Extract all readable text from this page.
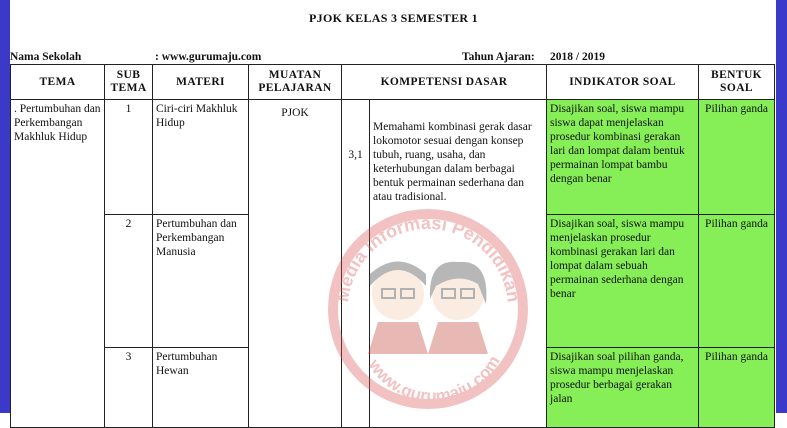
PJOK KELAS 3 SEMESTER 1
Nama Sekolah	: www.gurumaju.com	Tahun Ajaran: 2018 / 2019
TEMA	SUB TEMA	MATERI	MUATAN PELAJARAN	KOMPETENSI DASAR		INDIKATOR SOAL	BENTUK SOAL
. Pertumbuhan dan Perkembangan Makhluk Hidup	1	Ciri-ciri Makhluk Hidup	PJOK	3,1	Memahami kombinasi gerak dasar lokomotor sesuai dengan konsep tubuh, ruang, usaha, dan keterhubungan dalam berbagai bentuk permainan sederhana dan atau tradisional.	Disajikan soal, siswa mampu siswa dapat menjelaskan prosedur kombinasi gerakan lari dan lompat dalam bentuk permainan lompat bambu dengan benar	Pilihan ganda
	2	Pertumbuhan dan Perkembangan Manusia				Disajikan soal, siswa mampu menjelaskan prosedur kombinasi gerakan lari dan lompat dalam sebuah permainan sederhana dengan benar	Pilihan ganda
	3	Pertumbuhan Hewan				Disajikan soal pilihan ganda, siswa mampu menjelaskan prosedur berbagai gerakan jalan	Pilihan ganda
Media Informasi Pendidikan
www.gurumaju.com
